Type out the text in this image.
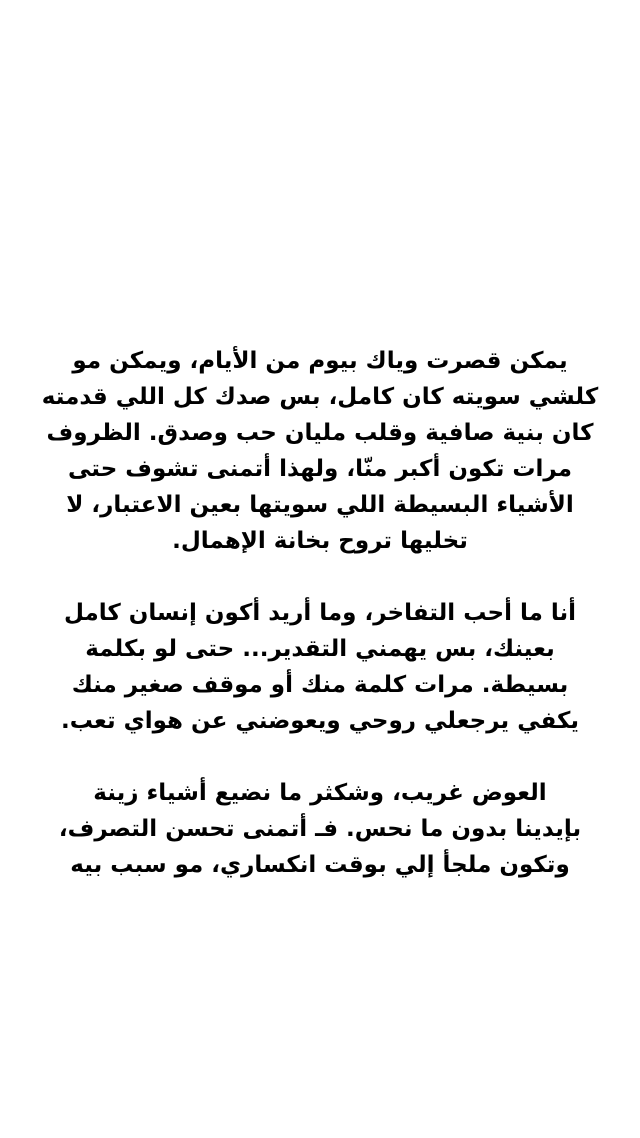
يمكن قصرت وياك بيوم من الأيام، ويمكن مو
كلشي سويته كان كامل، بس صدك كل اللي قدمته
كان بنية صافية وقلب مليان حب وصدق. الظروف
مرات تكون أكبر منّا، ولهذا أتمنى تشوف حتى
الأشياء البسيطة اللي سويتها بعين الاعتبار، لا
تخليها تروح بخانة الإهمال.

أنا ما أحب التفاخر، وما أريد أكون إنسان كامل
بعينك، بس يهمني التقدير... حتى لو بكلمة
بسيطة. مرات كلمة منك أو موقف صغير منك
يكفي يرجعلي روحي ويعوضني عن هواي تعب.

العوض غريب، وشكثر ما نضيع أشياء زينة
بإيدينا بدون ما نحس. فـ أتمنى تحسن التصرف،
وتكون ملجأ إلي بوقت انكساري، مو سبب بيه
